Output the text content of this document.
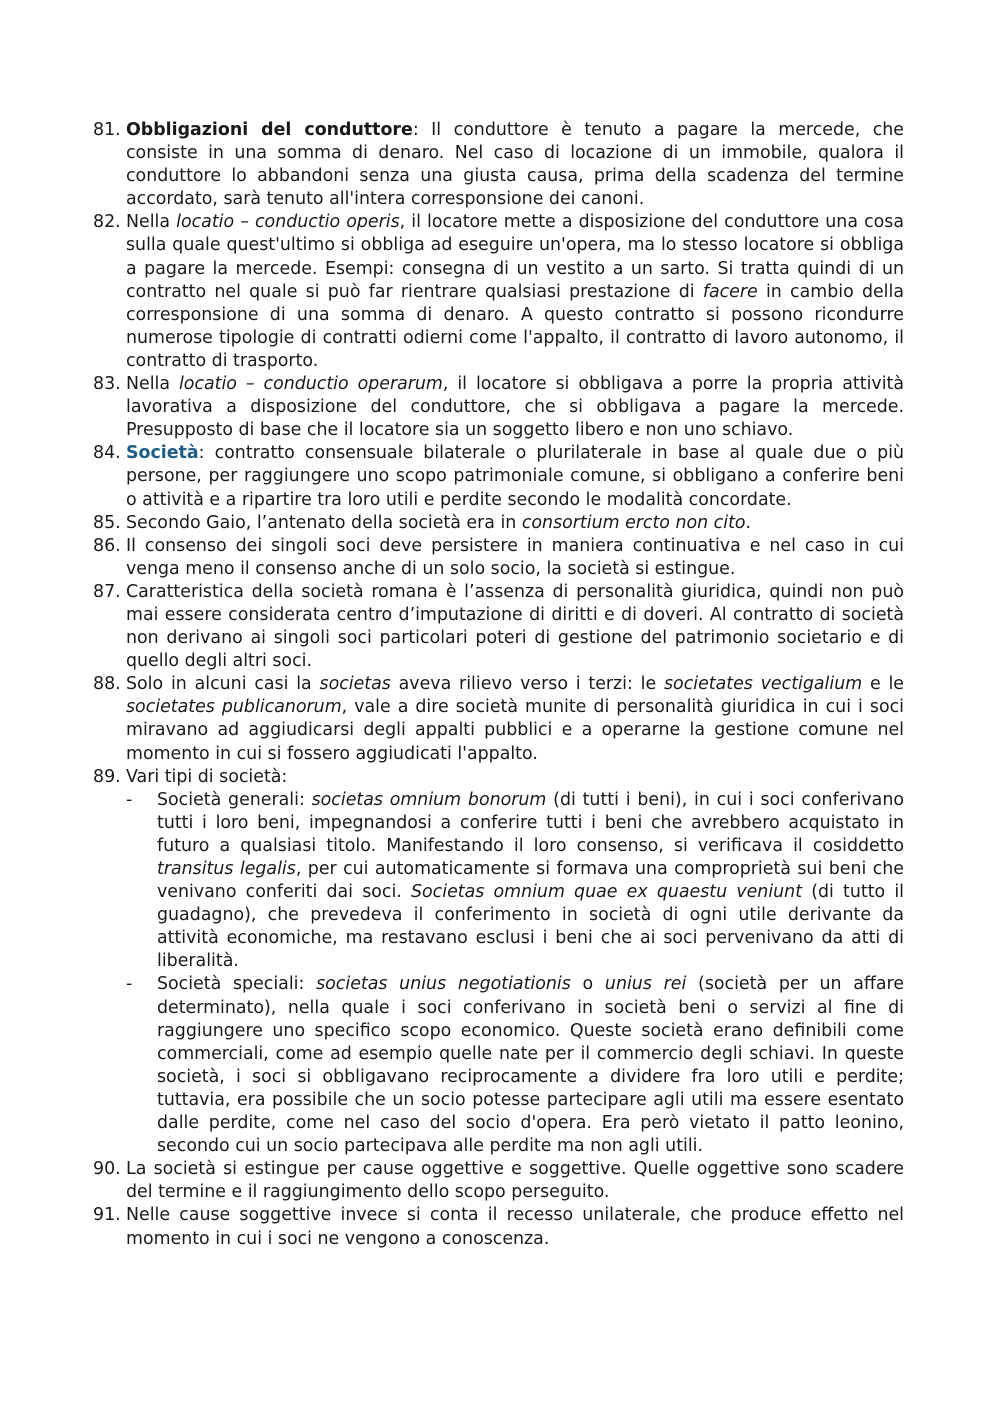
81. Obbligazioni del conduttore: Il conduttore è tenuto a pagare la mercede, che consiste in una somma di denaro. Nel caso di locazione di un immobile, qualora il conduttore lo abbandoni senza una giusta causa, prima della scadenza del termine accordato, sarà tenuto all'intera corresponsione dei canoni.
82. Nella locatio – conductio operis, il locatore mette a disposizione del conduttore una cosa sulla quale quest'ultimo si obbliga ad eseguire un'opera, ma lo stesso locatore si obbliga a pagare la mercede. Esempi: consegna di un vestito a un sarto. Si tratta quindi di un contratto nel quale si può far rientrare qualsiasi prestazione di facere in cambio della corresponsione di una somma di denaro. A questo contratto si possono ricondurre numerose tipologie di contratti odierni come l'appalto, il contratto di lavoro autonomo, il contratto di trasporto.
83. Nella locatio – conductio operarum, il locatore si obbligava a porre la propria attività lavorativa a disposizione del conduttore, che si obbligava a pagare la mercede. Presupposto di base che il locatore sia un soggetto libero e non uno schiavo.
84. Società: contratto consensuale bilaterale o plurilaterale in base al quale due o più persone, per raggiungere uno scopo patrimoniale comune, si obbligano a conferire beni o attività e a ripartire tra loro utili e perdite secondo le modalità concordate.
85. Secondo Gaio, l’antenato della società era in consortium ercto non cito.
86. Il consenso dei singoli soci deve persistere in maniera continuativa e nel caso in cui venga meno il consenso anche di un solo socio, la società si estingue.
87. Caratteristica della società romana è l’assenza di personalità giuridica, quindi non può mai essere considerata centro d’imputazione di diritti e di doveri. Al contratto di società non derivano ai singoli soci particolari poteri di gestione del patrimonio societario e di quello degli altri soci.
88. Solo in alcuni casi la societas aveva rilievo verso i terzi: le societates vectigalium e le societates publicanorum, vale a dire società munite di personalità giuridica in cui i soci miravano ad aggiudicarsi degli appalti pubblici e a operarne la gestione comune nel momento in cui si fossero aggiudicati l'appalto.
89. Vari tipi di società:
-	Società generali: societas omnium bonorum (di tutti i beni), in cui i soci conferivano tutti i loro beni, impegnandosi a conferire tutti i beni che avrebbero acquistato in futuro a qualsiasi titolo. Manifestando il loro consenso, si verificava il cosiddetto transitus legalis, per cui automaticamente si formava una comproprietà sui beni che venivano conferiti dai soci. Societas omnium quae ex quaestu veniunt (di tutto il guadagno), che prevedeva il conferimento in società di ogni utile derivante da attività economiche, ma restavano esclusi i beni che ai soci pervenivano da atti di liberalità.
-	Società speciali: societas unius negotiationis o unius rei (società per un affare determinato), nella quale i soci conferivano in società beni o servizi al fine di raggiungere uno specifico scopo economico. Queste società erano definibili come commerciali, come ad esempio quelle nate per il commercio degli schiavi. In queste società, i soci si obbligavano reciprocamente a dividere fra loro utili e perdite; tuttavia, era possibile che un socio potesse partecipare agli utili ma essere esentato dalle perdite, come nel caso del socio d'opera. Era però vietato il patto leonino, secondo cui un socio partecipava alle perdite ma non agli utili.
90. La società si estingue per cause oggettive e soggettive. Quelle oggettive sono scadere del termine e il raggiungimento dello scopo perseguito.
91. Nelle cause soggettive invece si conta il recesso unilaterale, che produce effetto nel momento in cui i soci ne vengono a conoscenza.
